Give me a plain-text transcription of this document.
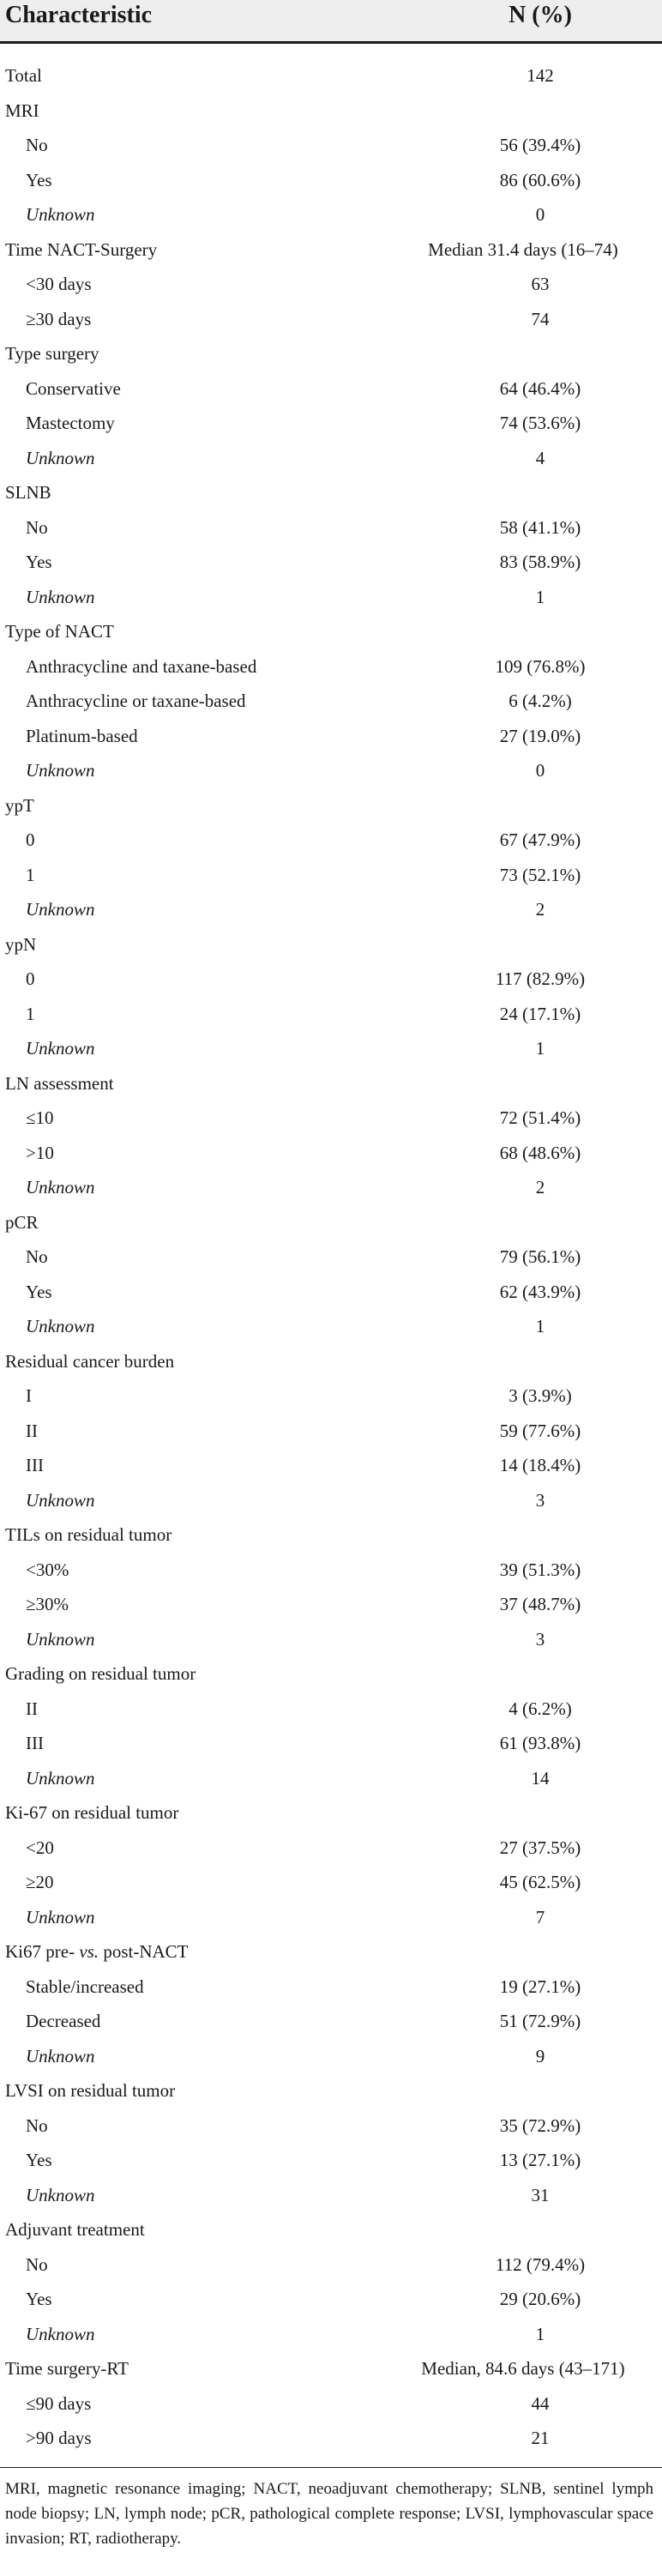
Characteristic	N (%)
Total	142
MRI
No	56 (39.4%)
Yes	86 (60.6%)
Unknown	0
Time NACT-Surgery	Median 31.4 days (16–74)
<30 days	63
≥30 days	74
Type surgery
Conservative	64 (46.4%)
Mastectomy	74 (53.6%)
Unknown	4
SLNB
No	58 (41.1%)
Yes	83 (58.9%)
Unknown	1
Type of NACT
Anthracycline and taxane-based	109 (76.8%)
Anthracycline or taxane-based	6 (4.2%)
Platinum-based	27 (19.0%)
Unknown	0
ypT
0	67 (47.9%)
1	73 (52.1%)
Unknown	2
ypN
0	117 (82.9%)
1	24 (17.1%)
Unknown	1
LN assessment
≤10	72 (51.4%)
>10	68 (48.6%)
Unknown	2
pCR
No	79 (56.1%)
Yes	62 (43.9%)
Unknown	1
Residual cancer burden
I	3 (3.9%)
II	59 (77.6%)
III	14 (18.4%)
Unknown	3
TILs on residual tumor
<30%	39 (51.3%)
≥30%	37 (48.7%)
Unknown	3
Grading on residual tumor
II	4 (6.2%)
III	61 (93.8%)
Unknown	14
Ki-67 on residual tumor
<20	27 (37.5%)
≥20	45 (62.5%)
Unknown	7
Ki67 pre- vs. post-NACT
Stable/increased	19 (27.1%)
Decreased	51 (72.9%)
Unknown	9
LVSI on residual tumor
No	35 (72.9%)
Yes	13 (27.1%)
Unknown	31
Adjuvant treatment
No	112 (79.4%)
Yes	29 (20.6%)
Unknown	1
Time surgery-RT	Median, 84.6 days (43–171)
≤90 days	44
>90 days	21
MRI, magnetic resonance imaging; NACT, neoadjuvant chemotherapy; SLNB, sentinel lymph node biopsy; LN, lymph node; pCR, pathological complete response; LVSI, lymphovascular space invasion; RT, radiotherapy.
